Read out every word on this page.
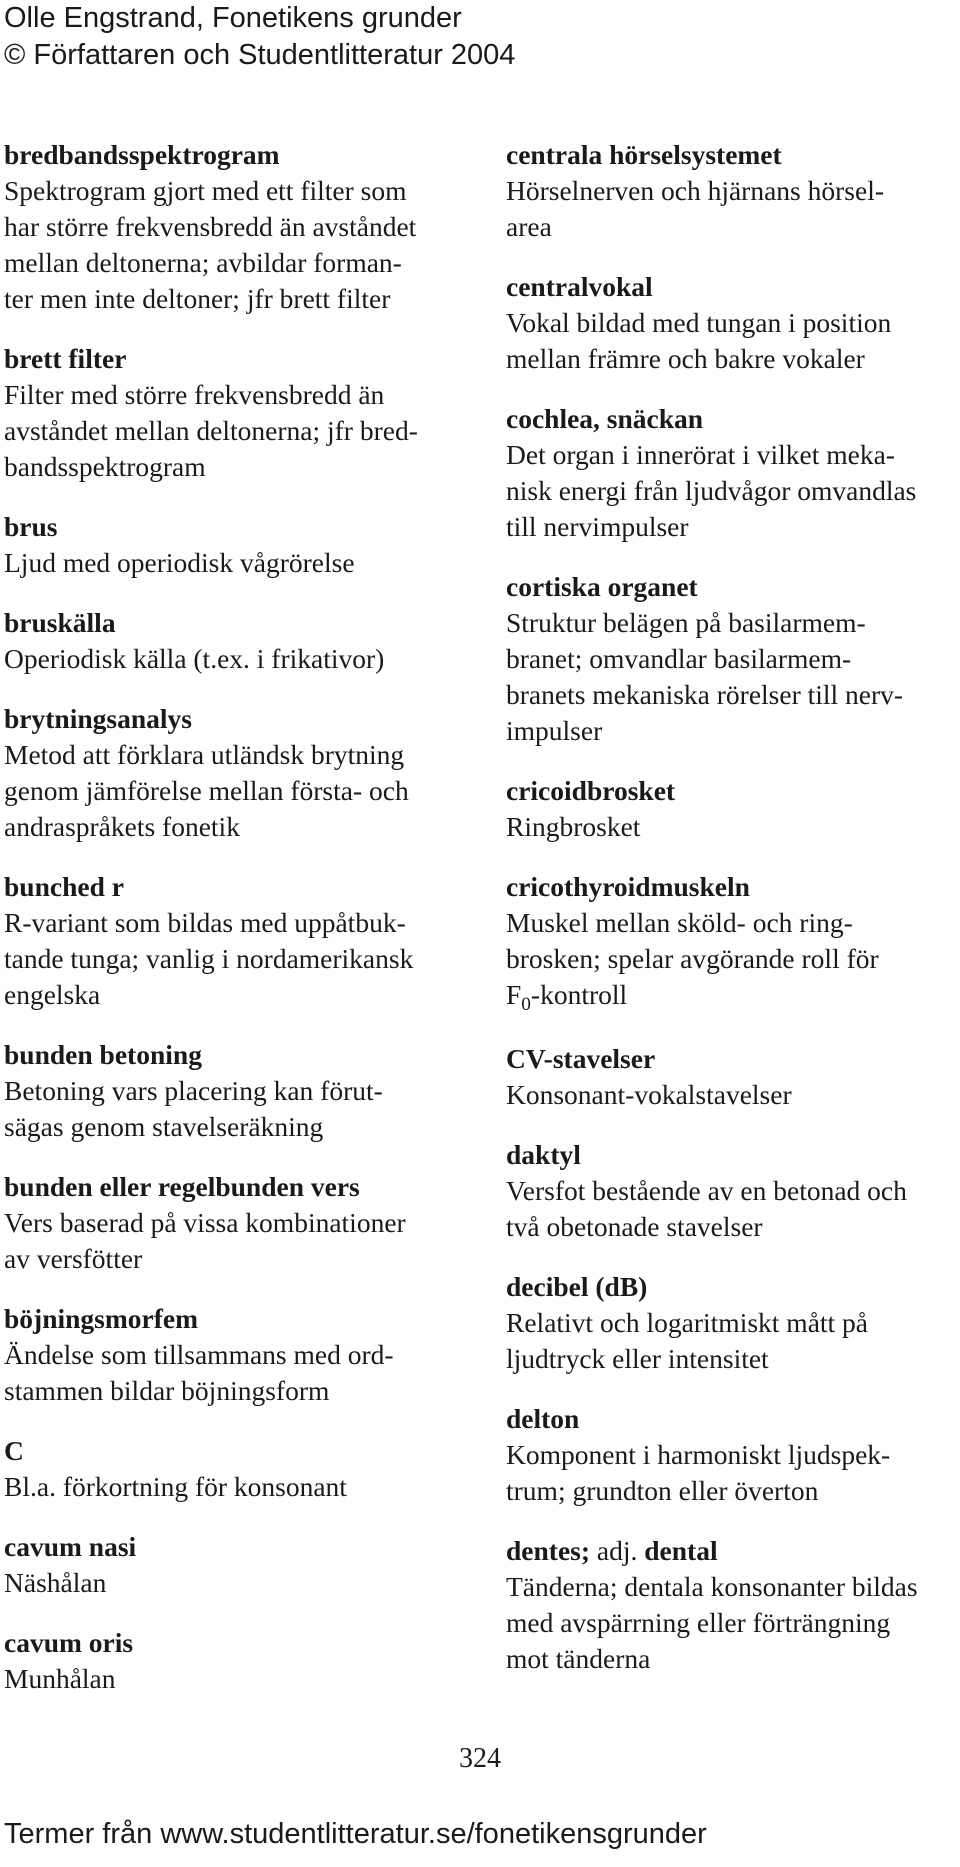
Olle Engstrand, Fonetikens grunder
© Författaren och Studentlitteratur 2004
bredbandsspektrogram
Spektrogram gjort med ett filter som
har större frekvensbredd än avståndet
mellan deltonerna; avbildar forman-
ter men inte deltoner; jfr brett filter
brett filter
Filter med större frekvensbredd än
avståndet mellan deltonerna; jfr bred-
bandsspektrogram
brus
Ljud med operiodisk vågrörelse
bruskälla
Operiodisk källa (t.ex. i frikativor)
brytningsanalys
Metod att förklara utländsk brytning
genom jämförelse mellan första- och
andraspråkets fonetik
bunched r
R-variant som bildas med uppåtbuk-
tande tunga; vanlig i nordamerikansk
engelska
bunden betoning
Betoning vars placering kan förut-
sägas genom stavelseräkning
bunden eller regelbunden vers
Vers baserad på vissa kombinationer
av versfötter
böjningsmorfem
Ändelse som tillsammans med ord-
stammen bildar böjningsform
C
Bl.a. förkortning för konsonant
cavum nasi
Näshålan
cavum oris
Munhålan
centrala hörselsystemet
Hörselnerven och hjärnans hörsel-
area
centralvokal
Vokal bildad med tungan i position
mellan främre och bakre vokaler
cochlea, snäckan
Det organ i innerörat i vilket meka-
nisk energi från ljudvågor omvandlas
till nervimpulser
cortiska organet
Struktur belägen på basilarmem-
branet; omvandlar basilarmem-
branets mekaniska rörelser till nerv-
impulser
cricoidbrosket
Ringbrosket
cricothyroidmuskeln
Muskel mellan sköld- och ring-
brosken; spelar avgörande roll för
$F_0$-kontroll
CV-stavelser
Konsonant-vokalstavelser
daktyl
Versfot bestående av en betonad och
två obetonade stavelser
decibel (dB)
Relativt och logaritmiskt mått på
ljudtryck eller intensitet
delton
Komponent i harmoniskt ljudspek-
trum; grundton eller överton
dentes; adj. dental
Tänderna; dentala konsonanter bildas
med avspärrning eller förträngning
mot tänderna
324
Termer från www.studentlitteratur.se/fonetikensgrunder
